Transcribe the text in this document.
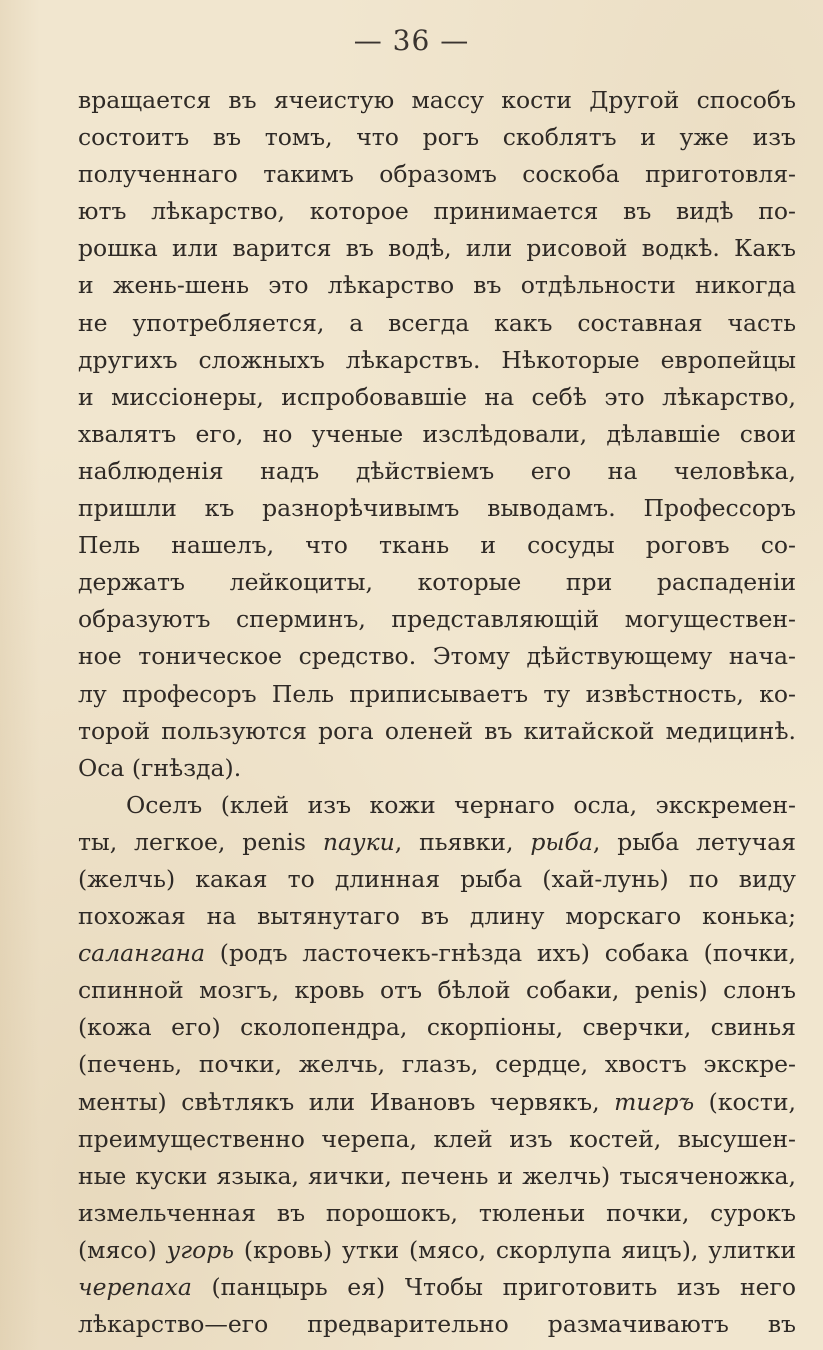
— 36 —
вращается въ ячеистую массу кости Другой способъ
состоитъ въ томъ, что рогъ скоблятъ и уже изъ
полученнаго такимъ образомъ соскоба приготовля-
ютъ лѣкарство, которое принимается въ видѣ по-
рошка или варится въ водѣ, или рисовой водкѣ. Какъ
и жень-шень это лѣкарство въ отдѣльности никогда
не употребляется, а всегда какъ составная часть
другихъ сложныхъ лѣкарствъ. Нѣкоторые европейцы
и миссiонеры, испробовавшiе на себѣ это лѣкарство,
хвалятъ его, но ученые изслѣдовали, дѣлавшiе свои
наблюденiя надъ дѣйствiемъ его на человѣка,
пришли къ разнорѣчивымъ выводамъ. Профессоръ
Пель нашелъ, что ткань и сосуды роговъ со-
держатъ лейкоциты, которые при распаденiи
образуютъ сперминъ, представляющiй могуществен-
ное тоническое средство. Этому дѣйствующему нача-
лу професоръ Пель приписываетъ ту извѣстность, ко-
торой пользуются рога оленей въ китайской медицинѣ.
Оса (гнѣзда).
Оселъ (клей изъ кожи чернаго осла, экскремен-
ты, легкое, penis пауки, пьявки, рыба, рыба летучая
(желчь) какая то длинная рыба (хай-лунь) по виду
похожая на вытянутаго въ длину морскаго конька;
салангана (родъ ласточекъ-гнѣзда ихъ) собака (почки,
спинной мозгъ, кровь отъ бѣлой собаки, penis) слонъ
(кожа его) сколопендра, скорпiоны, сверчки, свинья
(печень, почки, желчь, глазъ, сердце, хвостъ экскре-
менты) свѣтлякъ или Ивановъ червякъ, тигръ (кости,
преимущественно черепа, клей изъ костей, высушен-
ные куски языка, яички, печень и желчь) тысяченожка,
измельченная въ порошокъ, тюленьи почки, сурокъ
(мясо) угорь (кровь) утки (мясо, скорлупа яицъ), улитки
черепаха (панцырь ея) Чтобы приготовить изъ него
лѣкарство—его предварительно размачиваютъ въ
